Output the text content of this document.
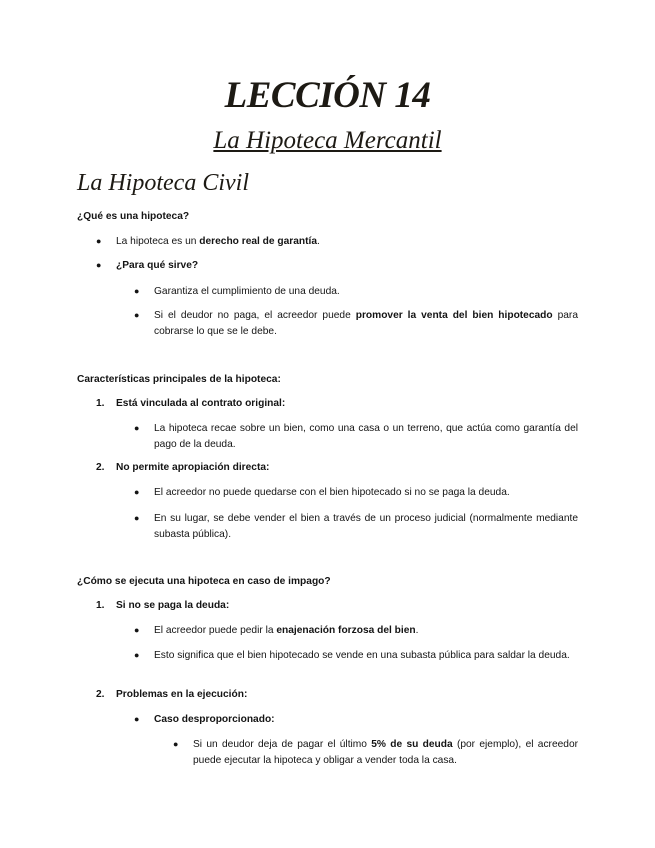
LECCIÓN 14
La Hipoteca Mercantil
La Hipoteca Civil
¿Qué es una hipoteca?
● La hipoteca es un derecho real de garantía.
● ¿Para qué sirve?
● Garantiza el cumplimiento de una deuda.
● Si el deudor no paga, el acreedor puede promover la venta del bien hipotecado para cobrarse lo que se le debe.
Características principales de la hipoteca:
1. Está vinculada al contrato original:
● La hipoteca recae sobre un bien, como una casa o un terreno, que actúa como garantía del pago de la deuda.
2. No permite apropiación directa:
● El acreedor no puede quedarse con el bien hipotecado si no se paga la deuda.
● En su lugar, se debe vender el bien a través de un proceso judicial (normalmente mediante subasta pública).
¿Cómo se ejecuta una hipoteca en caso de impago?
1. Si no se paga la deuda:
● El acreedor puede pedir la enajenación forzosa del bien.
● Esto significa que el bien hipotecado se vende en una subasta pública para saldar la deuda.
2. Problemas en la ejecución:
● Caso desproporcionado:
● Si un deudor deja de pagar el último 5% de su deuda (por ejemplo), el acreedor puede ejecutar la hipoteca y obligar a vender toda la casa.
